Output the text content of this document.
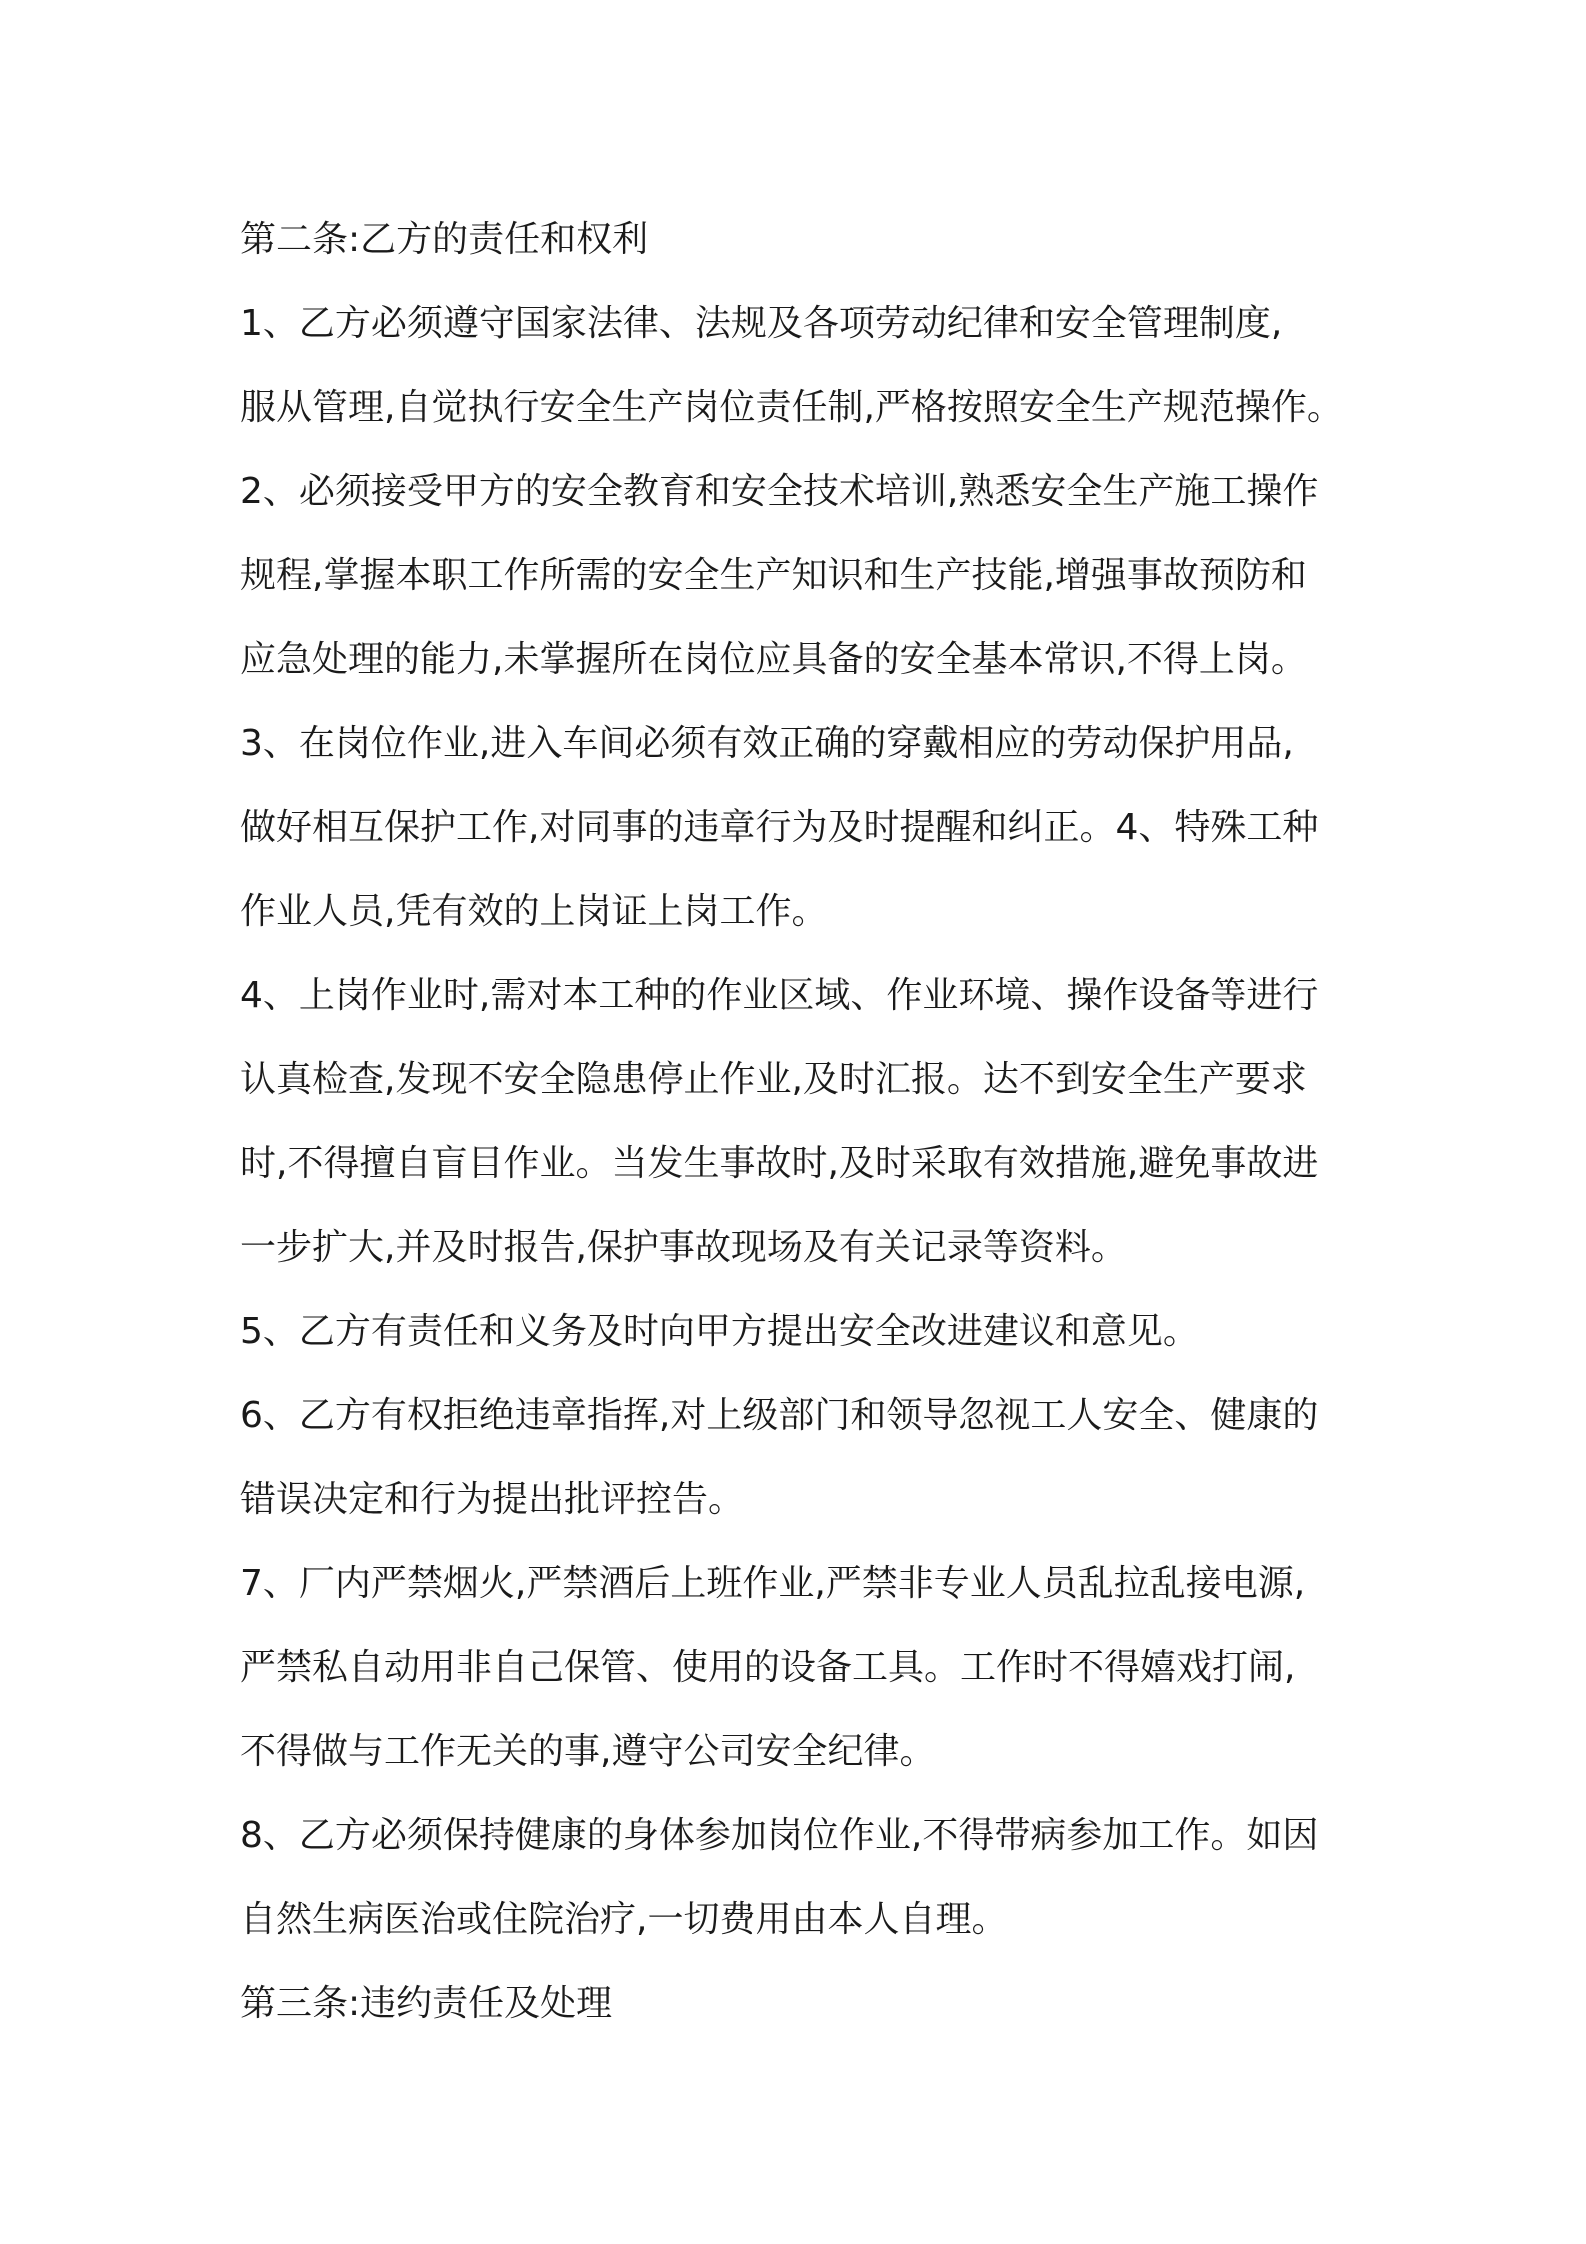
第二条:乙方的责任和权利

1、乙方必须遵守国家法律、法规及各项劳动纪律和安全管理制度,
服从管理,自觉执行安全生产岗位责任制,严格按照安全生产规范操作。

2、必须接受甲方的安全教育和安全技术培训,熟悉安全生产施工操作
规程,掌握本职工作所需的安全生产知识和生产技能,增强事故预防和
应急处理的能力,未掌握所在岗位应具备的安全基本常识,不得上岗。

3、在岗位作业,进入车间必须有效正确的穿戴相应的劳动保护用品,
做好相互保护工作,对同事的违章行为及时提醒和纠正。4、特殊工种
作业人员,凭有效的上岗证上岗工作。

4、上岗作业时,需对本工种的作业区域、作业环境、操作设备等进行
认真检查,发现不安全隐患停止作业,及时汇报。达不到安全生产要求
时,不得擅自盲目作业。当发生事故时,及时采取有效措施,避免事故进
一步扩大,并及时报告,保护事故现场及有关记录等资料。

5、乙方有责任和义务及时向甲方提出安全改进建议和意见。

6、乙方有权拒绝违章指挥,对上级部门和领导忽视工人安全、健康的
错误决定和行为提出批评控告。

7、厂内严禁烟火,严禁酒后上班作业,严禁非专业人员乱拉乱接电源,
严禁私自动用非自己保管、使用的设备工具。工作时不得嬉戏打闹,
不得做与工作无关的事,遵守公司安全纪律。

8、乙方必须保持健康的身体参加岗位作业,不得带病参加工作。如因
自然生病医治或住院治疗,一切费用由本人自理。

第三条:违约责任及处理
